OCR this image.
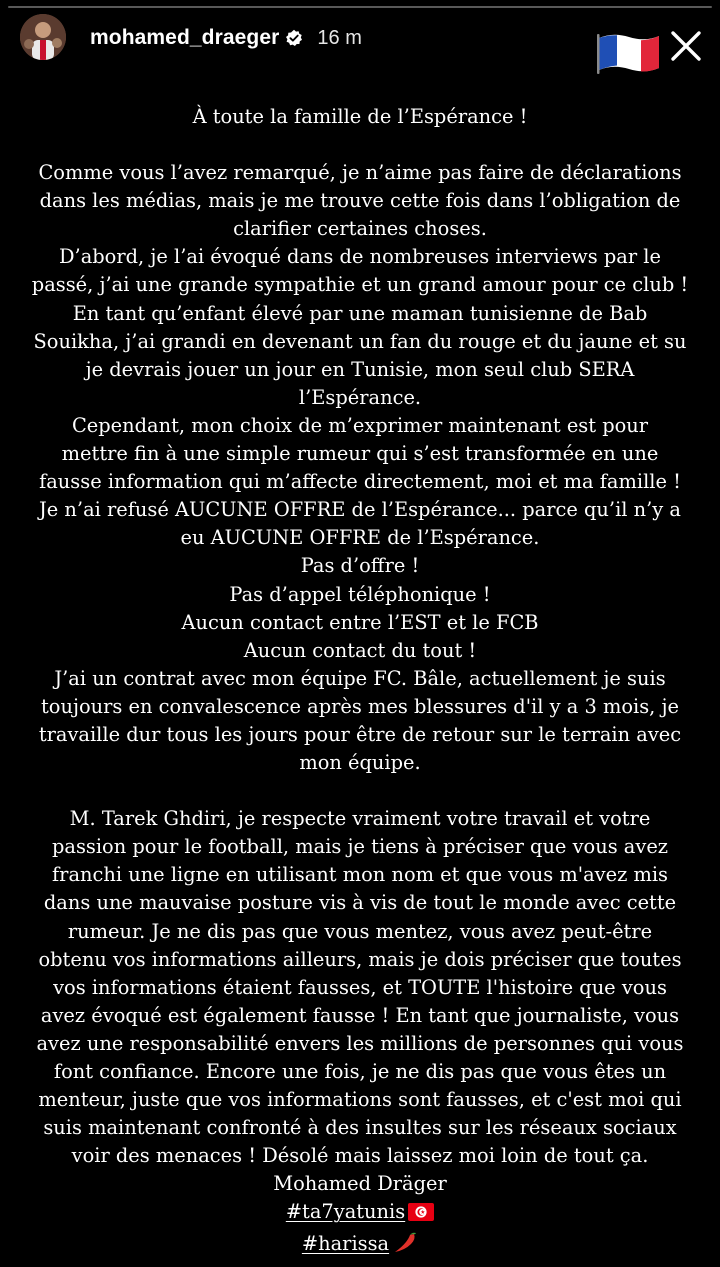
mohamed_draeger 16 m

À toute la famille de l’Espérance !

Comme vous l’avez remarqué, je n’aime pas faire de déclarations

dans les médias, mais je me trouve cette fois dans l’obligation de

clarifier certaines choses.

D’abord, je l’ai évoqué dans de nombreuses interviews par le

passé, j’ai une grande sympathie et un grand amour pour ce club !

En tant qu’enfant élevé par une maman tunisienne de Bab

Souikha, j’ai grandi en devenant un fan du rouge et du jaune et su

je devrais jouer un jour en Tunisie, mon seul club SERA

l’Espérance.

Cependant, mon choix de m’exprimer maintenant est pour

mettre fin à une simple rumeur qui s’est transformée en une

fausse information qui m’affecte directement, moi et ma famille !

Je n’ai refusé AUCUNE OFFRE de l’Espérance... parce qu’il n’y a

eu AUCUNE OFFRE de l’Espérance.

Pas d’offre !

Pas d’appel téléphonique !

Aucun contact entre l’EST et le FCB

Aucun contact du tout !

J’ai un contrat avec mon équipe FC. Bâle, actuellement je suis

toujours en convalescence après mes blessures d'il y a 3 mois, je

travaille dur tous les jours pour être de retour sur le terrain avec

mon équipe.

M. Tarek Ghdiri, je respecte vraiment votre travail et votre

passion pour le football, mais je tiens à préciser que vous avez

franchi une ligne en utilisant mon nom et que vous m'avez mis

dans une mauvaise posture vis à vis de tout le monde avec cette

rumeur. Je ne dis pas que vous mentez, vous avez peut-être

obtenu vos informations ailleurs, mais je dois préciser que toutes

vos informations étaient fausses, et TOUTE l'histoire que vous

avez évoqué est également fausse ! En tant que journaliste, vous

avez une responsabilité envers les millions de personnes qui vous

font confiance. Encore une fois, je ne dis pas que vous êtes un

menteur, juste que vos informations sont fausses, et c'est moi qui

suis maintenant confronté à des insultes sur les réseaux sociaux

voir des menaces ! Désolé mais laissez moi loin de tout ça.

Mohamed Dräger

#ta7yatunis

#harissa
